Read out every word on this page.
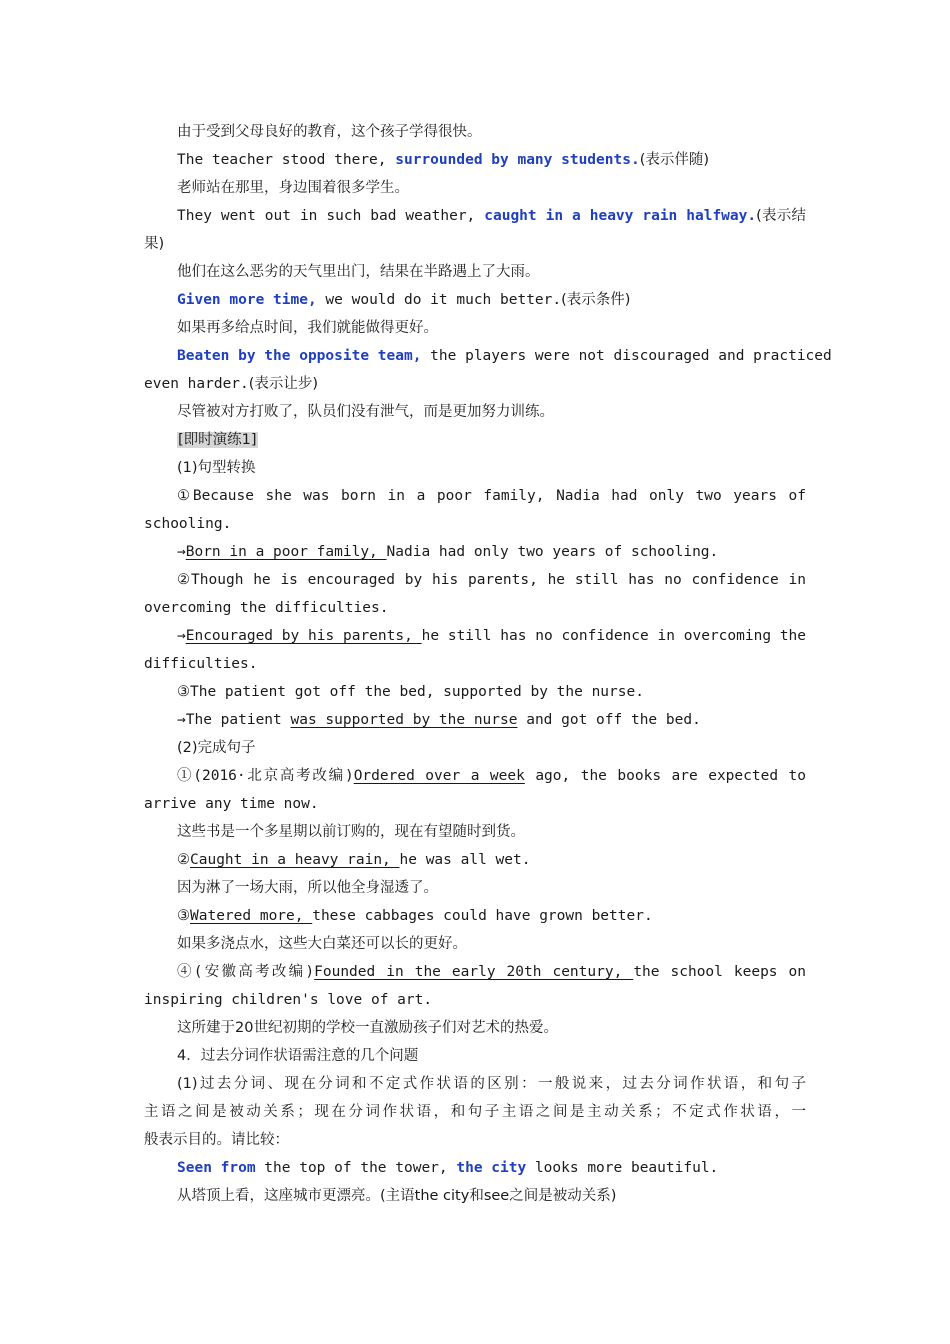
由于受到父母良好的教育，这个孩子学得很快。
The teacher stood there, surrounded by many students.(表示伴随)
老师站在那里，身边围着很多学生。
They went out in such bad weather, caught in a heavy rain halfway.(表示结
果)
他们在这么恶劣的天气里出门，结果在半路遇上了大雨。
Given more time, we would do it much better.(表示条件)
如果再多给点时间，我们就能做得更好。
Beaten by the opposite team, the players were not discouraged and practiced
even harder.(表示让步)
尽管被对方打败了，队员们没有泄气，而是更加努力训练。
[即时演练1]
(1)句型转换
①Because she was born in a poor family, Nadia had only two years of
schooling.
→Born in a poor family, Nadia had only two years of schooling.
②Though he is encouraged by his parents, he still has no confidence in
overcoming the difficulties.
→Encouraged by his parents, he still has no confidence in overcoming the
difficulties.
③The patient got off the bed, supported by the nurse.
→The patient was supported by the nurse and got off the bed.
(2)完成句子
①(2016·北京高考改编)Ordered over a week ago, the books are expected to
arrive any time now.
这些书是一个多星期以前订购的，现在有望随时到货。
②Caught in a heavy rain, he was all wet.
因为淋了一场大雨，所以他全身湿透了。
③Watered more, these cabbages could have grown better.
如果多浇点水，这些大白菜还可以长的更好。
④(安徽高考改编)Founded in the early 20th century, the school keeps on
inspiring children's love of art.
这所建于20世纪初期的学校一直激励孩子们对艺术的热爱。
4．过去分词作状语需注意的几个问题
(1)过去分词、现在分词和不定式作状语的区别：一般说来，过去分词作状语，和句子
主语之间是被动关系；现在分词作状语，和句子主语之间是主动关系；不定式作状语，一
般表示目的。请比较：
Seen from the top of the tower, the city looks more beautiful.
从塔顶上看，这座城市更漂亮。(主语the city和see之间是被动关系)
